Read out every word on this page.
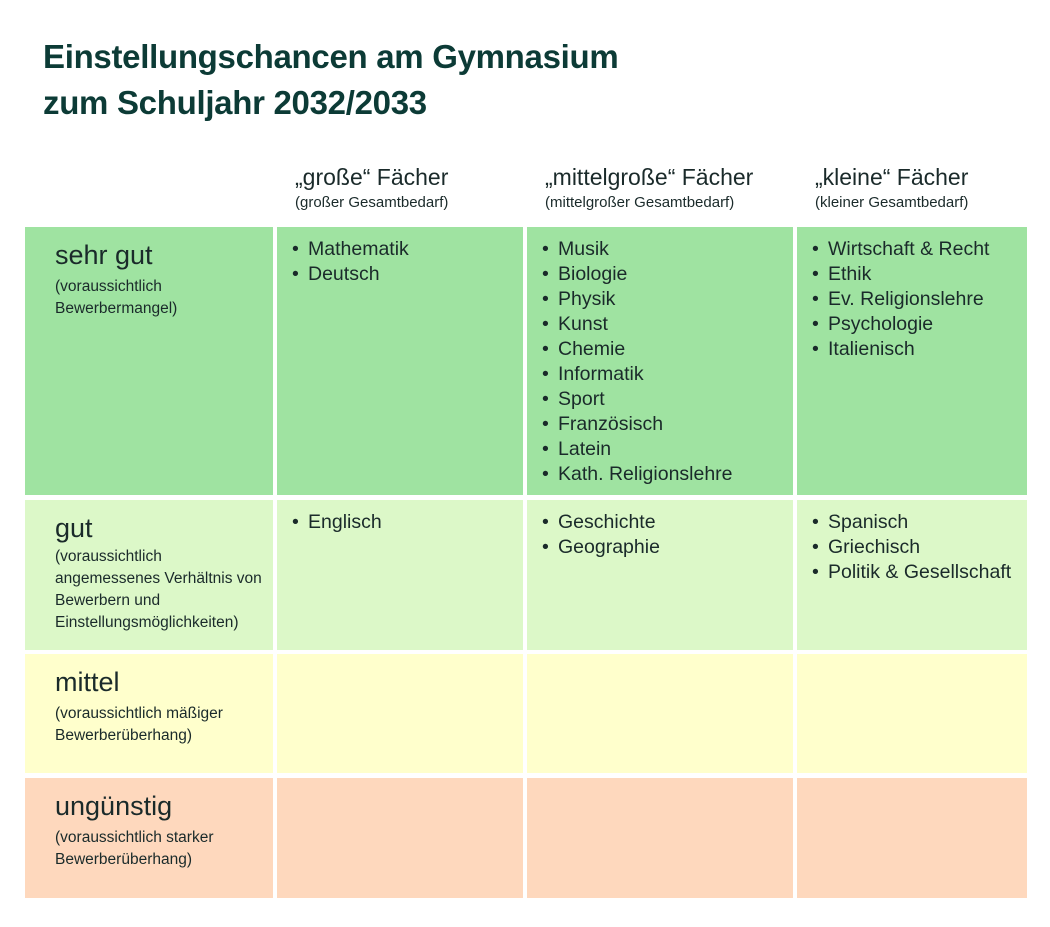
Einstellungschancen am Gymnasium
zum Schuljahr 2032/2033
„große“ Fächer
(großer Gesamtbedarf)
„mittelgroße“ Fächer
(mittelgroßer Gesamtbedarf)
„kleine“ Fächer
(kleiner Gesamtbedarf)
sehr gut
(voraussichtlich Bewerbermangel)
• Mathematik
• Deutsch
• Musik
• Biologie
• Physik
• Kunst
• Chemie
• Informatik
• Sport
• Französisch
• Latein
• Kath. Religionslehre
• Wirtschaft & Recht
• Ethik
• Ev. Religionslehre
• Psychologie
• Italienisch
gut
(voraussichtlich angemessenes Verhältnis von Bewerbern und Einstellungsmöglichkeiten)
• Englisch
•	Geschichte
• Geographie
• Spanisch
• Griechisch
• Politik & Gesellschaft
mittel
(voraussichtlich mäßiger Bewerberüberhang)
ungünstig
(voraussichtlich starker Bewerberüberhang)
